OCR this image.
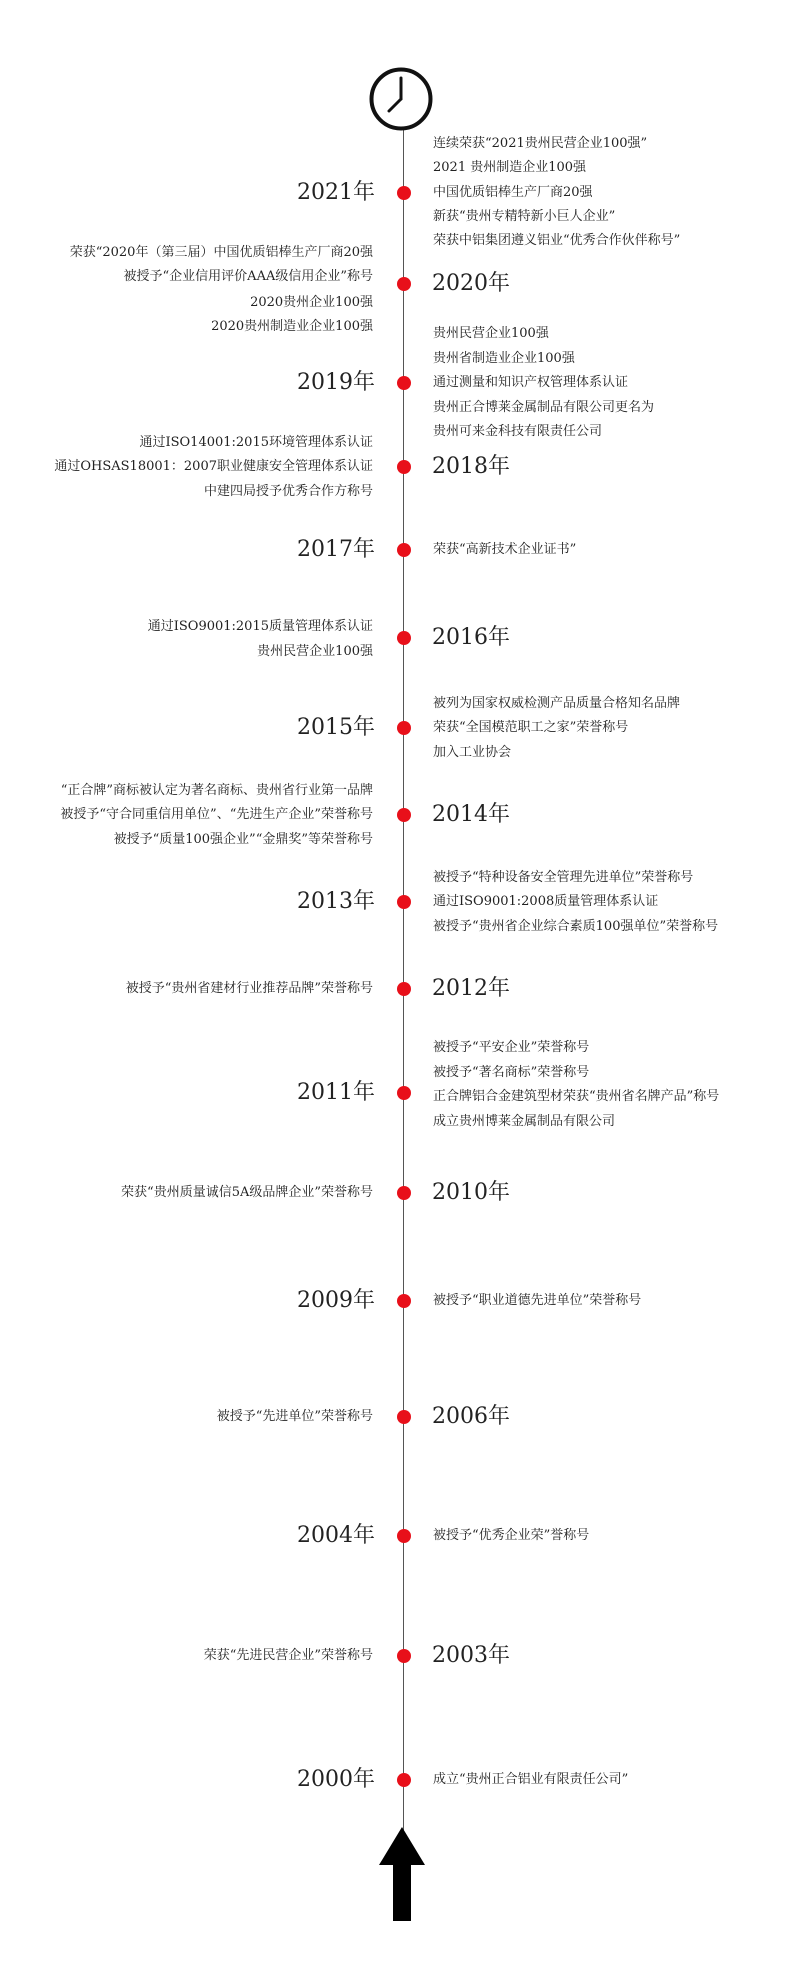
2021年
连续荣获“2021贵州民营企业100强”
2021 贵州制造企业100强
中国优质铝棒生产厂商20强
新获“贵州专精特新小巨人企业”
荣获中铝集团遵义铝业“优秀合作伙伴称号”
2020年
荣获“2020年（第三届）中国优质铝棒生产厂商20强
被授予“企业信用评价AAA级信用企业”称号
2020贵州企业100强
2020贵州制造业企业100强
2019年
贵州民营企业100强
贵州省制造业企业100强
通过测量和知识产权管理体系认证
贵州正合博莱金属制品有限公司更名为
贵州可来金科技有限责任公司
2018年
通过ISO14001:2015环境管理体系认证
通过OHSAS18001：2007职业健康安全管理体系认证
中建四局授予优秀合作方称号
2017年	荣获“高新技术企业证书”
2016年
通过ISO9001:2015质量管理体系认证
贵州民营企业100强
2015年
被列为国家权威检测产品质量合格知名品牌
荣获“全国模范职工之家”荣誉称号
加入工业协会
2014年
“正合牌”商标被认定为著名商标、贵州省行业第一品牌
被授予“守合同重信用单位”、“先进生产企业”荣誉称号
被授予“质量100强企业”“金鼎奖”等荣誉称号
2013年
被授予“特种设备安全管理先进单位”荣誉称号
通过ISO9001:2008质量管理体系认证
被授予“贵州省企业综合素质100强单位”荣誉称号
2012年
被授予“贵州省建材行业推荐品牌”荣誉称号
2011年
被授予“平安企业”荣誉称号
被授予“著名商标”荣誉称号
正合牌铝合金建筑型材荣获“贵州省名牌产品”称号
成立贵州博莱金属制品有限公司
2010年
荣获“贵州质量诚信5A级品牌企业”荣誉称号
2009年	被授予“职业道德先进单位”荣誉称号
2006年
被授予“先进单位”荣誉称号
2004年	被授予“优秀企业荣”誉称号
2003年
荣获“先进民营企业”荣誉称号
2000年	成立“贵州正合铝业有限责任公司”
